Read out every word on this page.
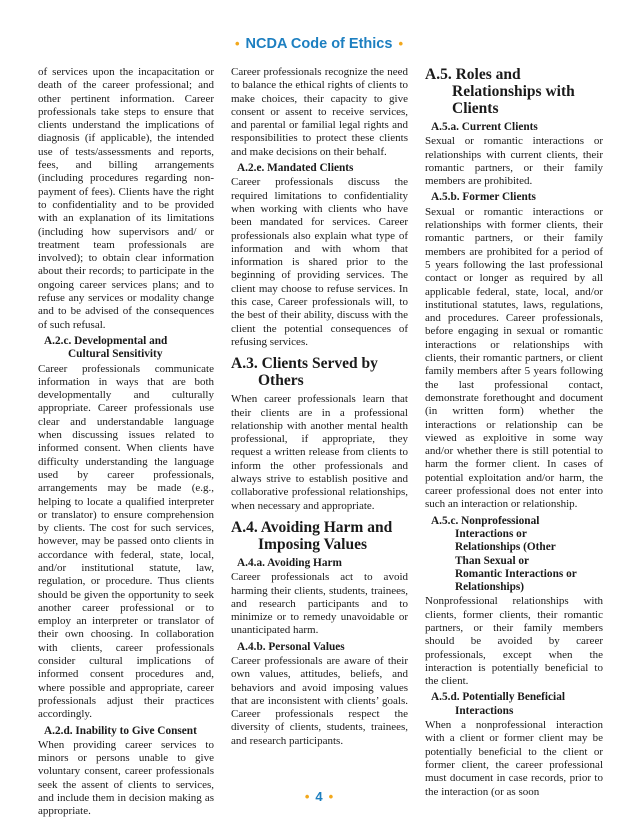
• NCDA Code of Ethics •

of services upon the incapacitation or death of the career professional; and other pertinent information. Career professionals take steps to ensure that clients understand the implications of diagnosis (if applicable), the intended use of tests/assessments and reports, fees, and billing arrangements (including procedures regarding non-payment of fees). Clients have the right to confidentiality and to be provided with an explanation of its limitations (including how supervisors and/ or treatment team professionals are involved); to obtain clear information about their records; to participate in the ongoing career services plans; and to refuse any services or modality change and to be advised of the consequences of such refusal.

A.2.c. Developmental and
Cultural Sensitivity

Career professionals communicate information in ways that are both developmentally and culturally appropriate. Career professionals use clear and understandable language when discussing issues related to informed consent. When clients have difficulty understanding the language used by career professionals, arrangements may be made (e.g., helping to locate a qualified interpreter or translator) to ensure comprehension by clients. The cost for such services, however, may be passed onto clients in accordance with federal, state, local, and/or institutional statute, law, regulation, or procedure. Thus clients should be given the opportunity to seek another career professional or to employ an interpreter or translator of their own choosing. In collaboration with clients, career professionals consider cultural implications of informed consent procedures and, where possible and appropriate, career professionals adjust their practices accordingly.

A.2.d. Inability to Give Consent

When providing career services to minors or persons unable to give voluntary consent, career professionals seek the assent of clients to services, and include them in decision making as appropriate.

Career professionals recognize the need to balance the ethical rights of clients to make choices, their capacity to give consent or assent to receive services, and parental or familial legal rights and responsibilities to protect these clients and make decisions on their behalf.

A.2.e. Mandated Clients

Career professionals discuss the required limitations to confidentiality when working with clients who have been mandated for services. Career professionals also explain what type of information and with whom that information is shared prior to the beginning of providing services. The client may choose to refuse services. In this case, Career professionals will, to the best of their ability, discuss with the client the potential consequences of refusing services.

A.3. Clients Served by
Others

When career professionals learn that their clients are in a professional relationship with another mental health professional, if appropriate, they request a written release from clients to inform the other professionals and always strive to establish positive and collaborative professional relationships, when necessary and appropriate.

A.4. Avoiding Harm and
Imposing Values
A.4.a. Avoiding Harm

Career professionals act to avoid harming their clients, students, trainees, and research participants and to minimize or to remedy unavoidable or unanticipated harm.

A.4.b. Personal Values

Career professionals are aware of their own values, attitudes, beliefs, and behaviors and avoid imposing values that are inconsistent with clients’ goals. Career professionals respect the diversity of clients, students, trainees, and research participants.

A.5. Roles and
Relationships with
Clients
A.5.a. Current Clients

Sexual or romantic interactions or relationships with current clients, their romantic partners, or their family members are prohibited.

A.5.b. Former Clients

Sexual or romantic interactions or relationships with former clients, their romantic partners, or their family members are prohibited for a period of 5 years following the last professional contact or longer as required by all applicable federal, state, local, and/or institutional statutes, laws, regulations, and procedures. Career professionals, before engaging in sexual or romantic interactions or relationships with clients, their romantic partners, or client family members after 5 years following the last professional contact, demonstrate forethought and document (in written form) whether the interactions or relationship can be viewed as exploitive in some way and/or whether there is still potential to harm the former client. In cases of potential exploitation and/or harm, the career professional does not enter into such an interaction or relationship.

A.5.c. Nonprofessional
Interactions or
Relationships (Other
Than Sexual or
Romantic Interactions or
Relationships)

Nonprofessional relationships with clients, former clients, their romantic partners, or their family members should be avoided by career professionals, except when the interaction is potentially beneficial to the client.

A.5.d. Potentially Beneficial
Interactions

When a nonprofessional interaction with a client or former client may be potentially beneficial to the client or former client, the career professional must document in case records, prior to the interaction (or as soon

• 4 •
